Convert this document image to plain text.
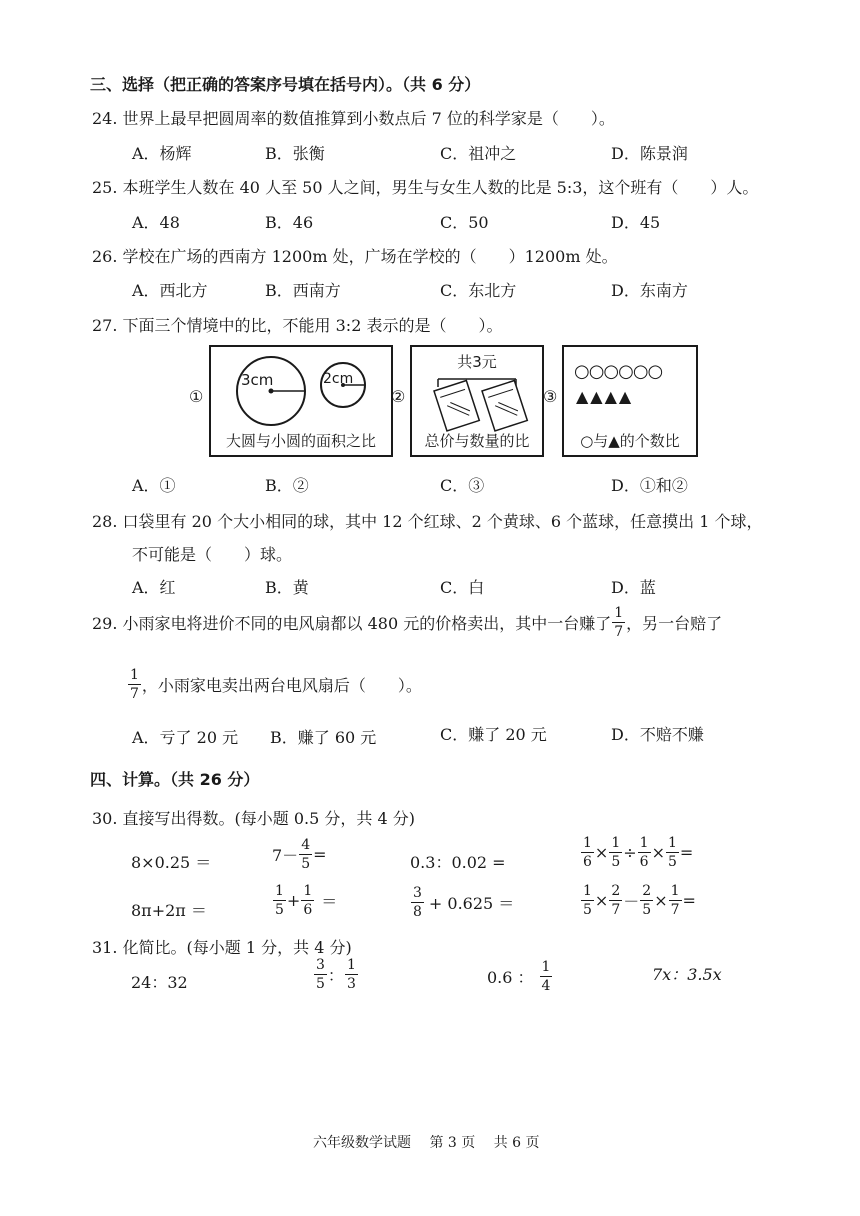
三、选择（把正确的答案序号填在括号内）。（共 6 分）
24. 世界上最早把圆周率的数值推算到小数点后 7 位的科学家是（　　）。
A．杨辉	B．张衡	C．祖冲之	D．陈景润
25. 本班学生人数在 40 人至 50 人之间，男生与女生人数的比是 5:3，这个班有（　　）人。
A．48	B．46	C．50	D．45
26. 学校在广场的西南方 1200m 处，广场在学校的（　　）1200m 处。
A．西北方	B．西南方	C．东北方	D．东南方
27. 下面三个情境中的比，不能用 3:2 表示的是（　　）。
①
3cm	2cm
大圆与小圆的面积之比
②
共3元
总价与数量的比
③
○○○○○○
▲▲▲▲
○与▲的个数比
A．①	B．②	C．③	D．①和②
28. 口袋里有 20 个大小相同的球，其中 12 个红球、2 个黄球、6 个蓝球，任意摸出 1 个球，
不可能是（　　）球。
A．红	B．黄	C．白	D．蓝
29. 小雨家电将进价不同的电风扇都以 480 元的价格卖出，其中一台赚了 $\frac{1}{7}$ ，另一台赔了
$\frac{1}{7}$ ，小雨家电卖出两台电风扇后（　　）。
A．亏了 20 元 B．赚了 60 元	C．赚了 20 元	D．不赔不赚
四、计算。（共 26 分）
30. 直接写出得数。(每小题 0.5 分，共 4 分)
8×0.25 ＝	$7- \frac{4}{5}$ =	0.3：0.02 =	$\frac{1}{6} \times \frac{1}{5} \div \frac{1}{6} \times \frac{1}{5}$ =
8π+2π ＝	$\frac{1}{5} + \frac{1}{6}$ ＝	$\frac{3}{8} + 0.625$ ＝	$\frac{1}{5} \times \frac{2}{7} - \frac{2}{5} \times \frac{1}{7}$ =
31. 化简比。(每小题 1 分，共 4 分)
24：32	$\frac{3}{5}$ ： $\frac{1}{3}$	0.6 ： $\frac{1}{4}$	7x：3.5x
六年级数学试题　 第 3 页　 共 6 页
